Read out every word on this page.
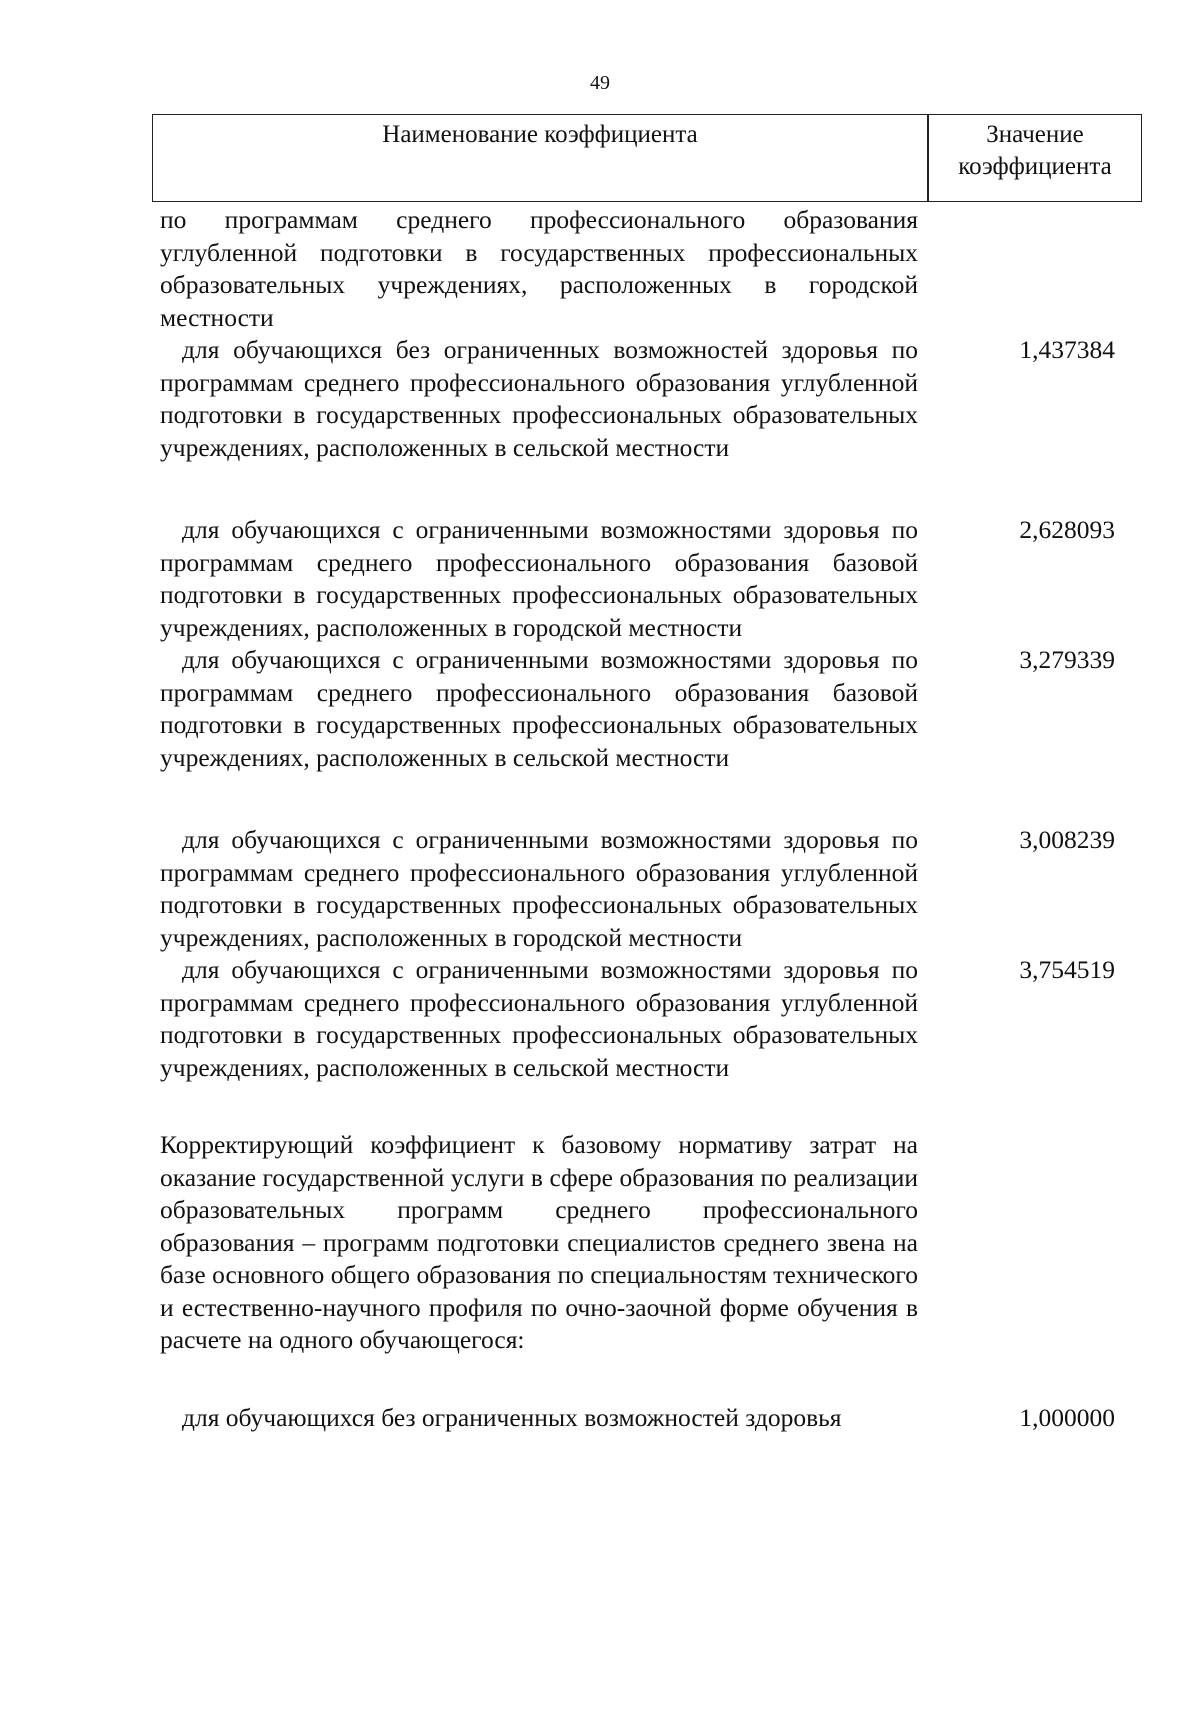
49
Наименование коэффициента	Значение
коэффициента
по программам среднего профессионального образования углубленной подготовки в государственных профессиональных образовательных учреждениях, расположенных в городской местности
для обучающихся без ограниченных возможностей здоровья по программам среднего профессионального образования углубленной подготовки в государственных профессиональных образовательных учреждениях, расположенных в сельской местности
1,437384
для обучающихся с ограниченными возможностями здоровья по программам среднего профессионального образования базовой подготовки в государственных профессиональных образовательных учреждениях, расположенных в городской местности
2,628093
для обучающихся с ограниченными возможностями здоровья по программам среднего профессионального образования базовой подготовки в государственных профессиональных образовательных учреждениях, расположенных в сельской местности
3,279339
для обучающихся с ограниченными возможностями здоровья по программам среднего профессионального образования углубленной подготовки в государственных профессиональных образовательных учреждениях, расположенных в городской местности
3,008239
для обучающихся с ограниченными возможностями здоровья по программам среднего профессионального образования углубленной подготовки в государственных профессиональных образовательных учреждениях, расположенных в сельской местности
3,754519
Корректирующий коэффициент к базовому нормативу затрат на оказание государственной услуги в сфере образования по реализации образовательных программ среднего профессионального образования – программ подготовки специалистов среднего звена на базе основного общего образования по специальностям технического и естественно-научного профиля по очно-заочной форме обучения в расчете на одного обучающегося:
для обучающихся без ограниченных возможностей здоровья	1,000000
